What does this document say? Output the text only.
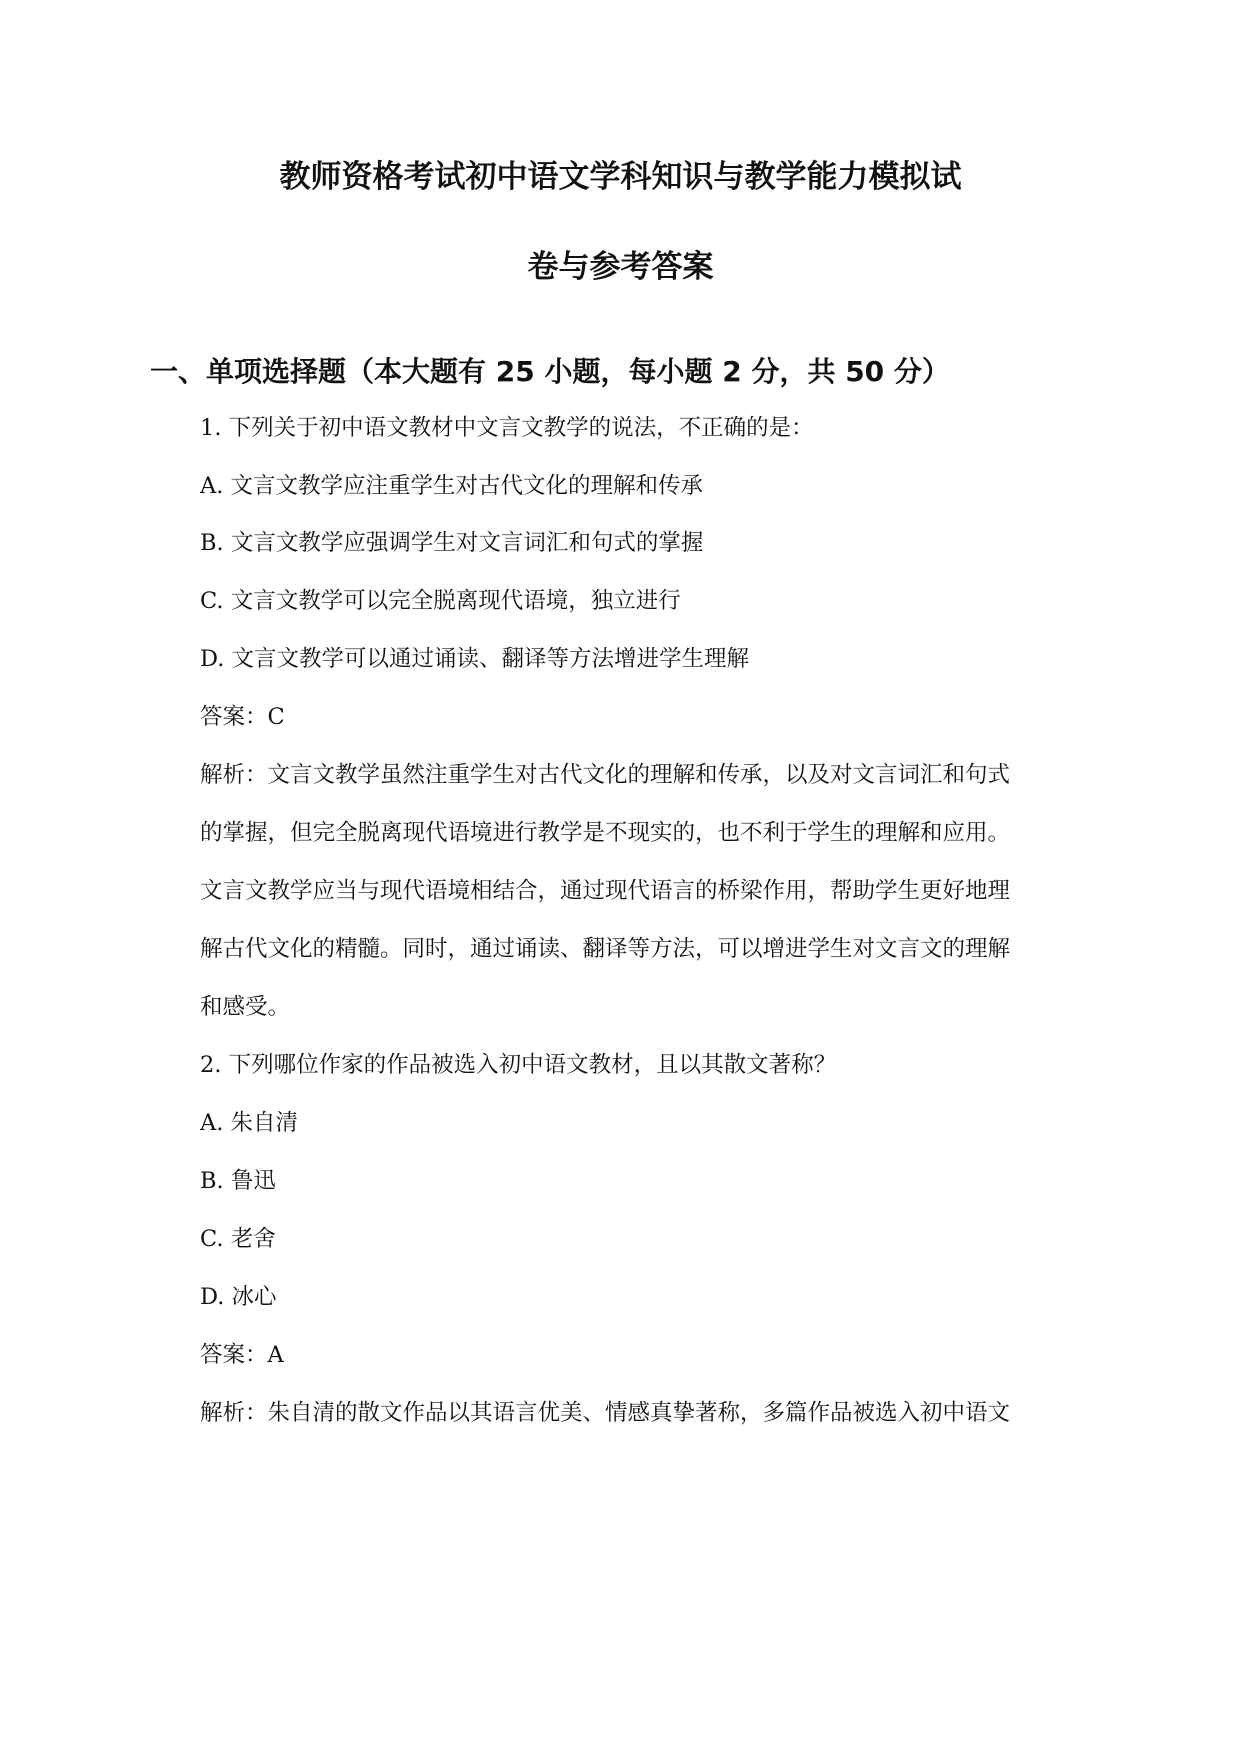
教师资格考试初中语文学科知识与教学能力模拟试
卷与参考答案
一、单项选择题（本大题有 25 小题，每小题 2 分，共 50 分）
1. 下列关于初中语文教材中文言文教学的说法，不正确的是：
A. 文言文教学应注重学生对古代文化的理解和传承
B. 文言文教学应强调学生对文言词汇和句式的掌握
C. 文言文教学可以完全脱离现代语境，独立进行
D. 文言文教学可以通过诵读、翻译等方法增进学生理解
答案：C
解析：文言文教学虽然注重学生对古代文化的理解和传承，以及对文言词汇和句式
的掌握，但完全脱离现代语境进行教学是不现实的，也不利于学生的理解和应用。
文言文教学应当与现代语境相结合，通过现代语言的桥梁作用，帮助学生更好地理
解古代文化的精髓。同时，通过诵读、翻译等方法，可以增进学生对文言文的理解
和感受。
2. 下列哪位作家的作品被选入初中语文教材，且以其散文著称？
A. 朱自清
B. 鲁迅
C. 老舍
D. 冰心
答案：A
解析：朱自清的散文作品以其语言优美、情感真挚著称，多篇作品被选入初中语文
